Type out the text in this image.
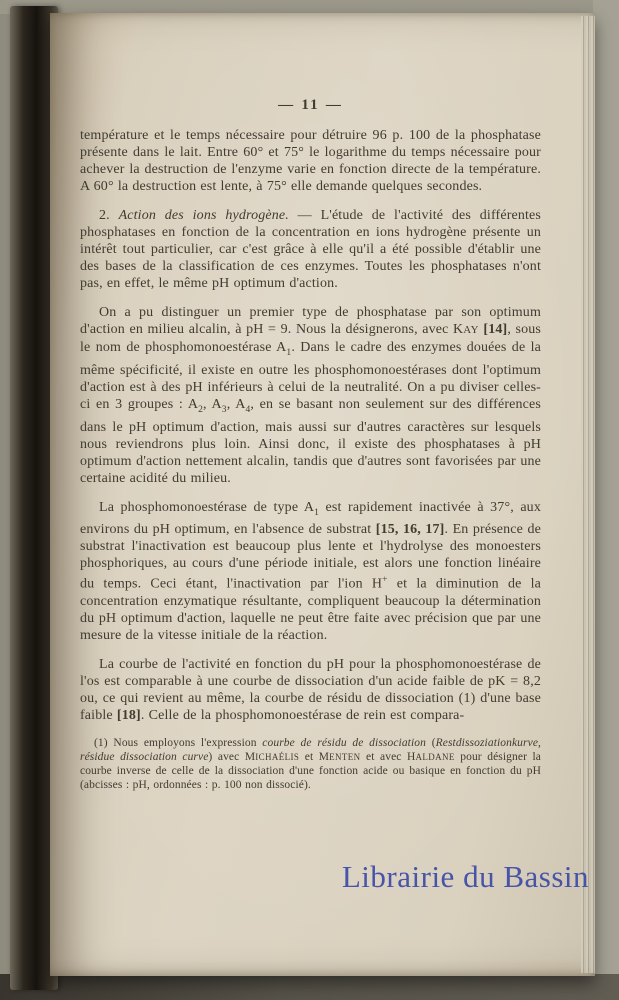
— 11 —

température et le temps nécessaire pour détruire 96 p. 100 de la phosphatase présente dans le lait. Entre 60° et 75° le logarithme du temps nécessaire pour achever la destruction de l'enzyme varie en fonction directe de la température. A 60° la destruction est lente, à 75° elle demande quelques secondes.

2. Action des ions hydrogène. — L'étude de l'activité des différentes phosphatases en fonction de la concentration en ions hydrogène présente un intérêt tout particulier, car c'est grâce à elle qu'il a été possible d'établir une des bases de la classification de ces enzymes. Toutes les phosphatases n'ont pas, en effet, le même pH optimum d'action.

On a pu distinguer un premier type de phosphatase par son optimum d'action en milieu alcalin, à pH = 9. Nous la désignerons, avec KAY [14], sous le nom de phosphomonoestérase $A_1$. Dans le cadre des enzymes douées de la même spécificité, il existe en outre les phosphomonoestérases dont l'optimum d'action est à des pH inférieurs à celui de la neutralité. On a pu diviser celles-ci en 3 groupes : $A_2$, $A_3$, $A_4$, en se basant non seulement sur des différences dans le pH optimum d'action, mais aussi sur d'autres caractères sur lesquels nous reviendrons plus loin. Ainsi donc, il existe des phosphatases à pH optimum d'action nettement alcalin, tandis que d'autres sont favorisées par une certaine acidité du milieu.

La phosphomonoestérase de type $A_1$ est rapidement inactivée à 37°, aux environs du pH optimum, en l'absence de substrat [15, 16, 17]. En présence de substrat l'inactivation est beaucoup plus lente et l'hydrolyse des monoesters phosphoriques, au cours d'une période initiale, est alors une fonction linéaire du temps. Ceci étant, l'inactivation par l'ion H+ et la diminution de la concentration enzymatique résultante, compliquent beaucoup la détermination du pH optimum d'action, laquelle ne peut être faite avec précision que par une mesure de la vitesse initiale de la réaction.

La courbe de l'activité en fonction du pH pour la phosphomonoestérase de l'os est comparable à une courbe de dissociation d'un acide faible de pK = 8,2 ou, ce qui revient au même, la courbe de résidu de dissociation (1) d'une base faible [18]. Celle de la phosphomonoestérase de rein est compara-

(1) Nous employons l'expression courbe de résidu de dissociation (Restdissoziationkurve, résidue dissociation curve) avec MICHAÉLIS et MENTEN et avec HALDANE pour désigner la courbe inverse de celle de la dissociation d'une fonction acide ou basique en fonction du pH (abcisses : pH, ordonnées : p. 100 non dissocié).

Librairie du Bassin
